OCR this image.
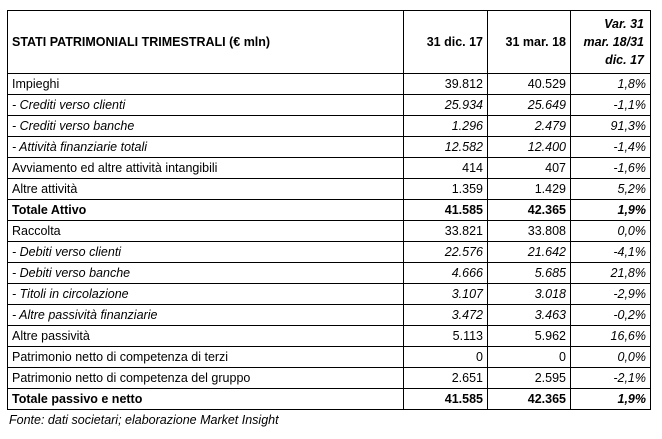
STATI PATRIMONIALI TRIMESTRALI (€ mln)	31 dic. 17	31 mar. 18	Var. 31 mar. 18/31 dic. 17
Impieghi	39.812	40.529	1,8%
- Crediti verso clienti	25.934	25.649	-1,1%
- Crediti verso banche	1.296	2.479	91,3%
- Attività finanziarie totali	12.582	12.400	-1,4%
Avviamento ed altre attività intangibili	414	407	-1,6%
Altre attività	1.359	1.429	5,2%
Totale Attivo	41.585	42.365	1,9%
Raccolta	33.821	33.808	0,0%
- Debiti verso clienti	22.576	21.642	-4,1%
- Debiti verso banche	4.666	5.685	21,8%
- Titoli in circolazione	3.107	3.018	-2,9%
- Altre passività finanziarie	3.472	3.463	-0,2%
Altre passività	5.113	5.962	16,6%
Patrimonio netto di competenza di terzi	0	0	0,0%
Patrimonio netto di competenza del gruppo	2.651	2.595	-2,1%
Totale passivo e netto	41.585	42.365	1,9%
Fonte: dati societari; elaborazione Market Insight
